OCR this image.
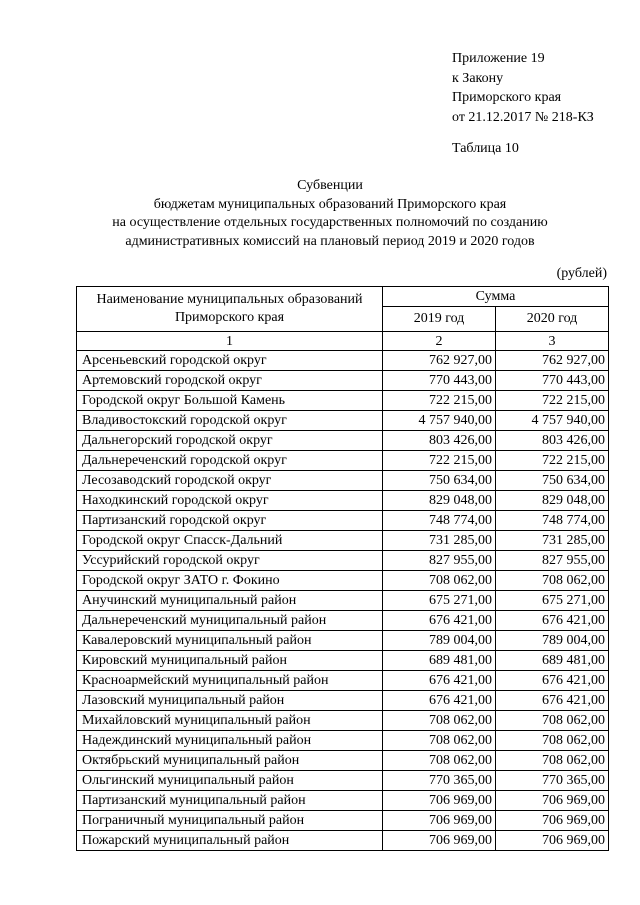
Приложение 19
к Закону
Приморского края
от 21.12.2017 № 218-КЗ
Таблица 10
Субвенции
бюджетам муниципальных образований Приморского края
на осуществление отдельных государственных полномочий по созданию
административных комиссий на плановый период 2019 и 2020 годов
(рублей)
Наименование муниципальных образований
Приморского края	Сумма	
	2019 год	2020 год
1	2	3
Арсеньевский городской округ	762 927,00	762 927,00
Артемовский городской округ	770 443,00	770 443,00
Городской округ Большой Камень	722 215,00	722 215,00
Владивостокский городской округ	4 757 940,00	4 757 940,00
Дальнегорский городской округ	803 426,00	803 426,00
Дальнереченский городской округ	722 215,00	722 215,00
Лесозаводский городской округ	750 634,00	750 634,00
Находкинский городской округ	829 048,00	829 048,00
Партизанский городской округ	748 774,00	748 774,00
Городской округ Спасск-Дальний	731 285,00	731 285,00
Уссурийский городской округ	827 955,00	827 955,00
Городской округ ЗАТО г. Фокино	708 062,00	708 062,00
Анучинский муниципальный район	675 271,00	675 271,00
Дальнереченский муниципальный район	676 421,00	676 421,00
Кавалеровский муниципальный район	789 004,00	789 004,00
Кировский муниципальный район	689 481,00	689 481,00
Красноармейский муниципальный район	676 421,00	676 421,00
Лазовский муниципальный район	676 421,00	676 421,00
Михайловский муниципальный район	708 062,00	708 062,00
Надеждинский муниципальный район	708 062,00	708 062,00
Октябрьский муниципальный район	708 062,00	708 062,00
Ольгинский муниципальный район	770 365,00	770 365,00
Партизанский муниципальный район	706 969,00	706 969,00
Пограничный муниципальный район	706 969,00	706 969,00
Пожарский муниципальный район	706 969,00	706 969,00
